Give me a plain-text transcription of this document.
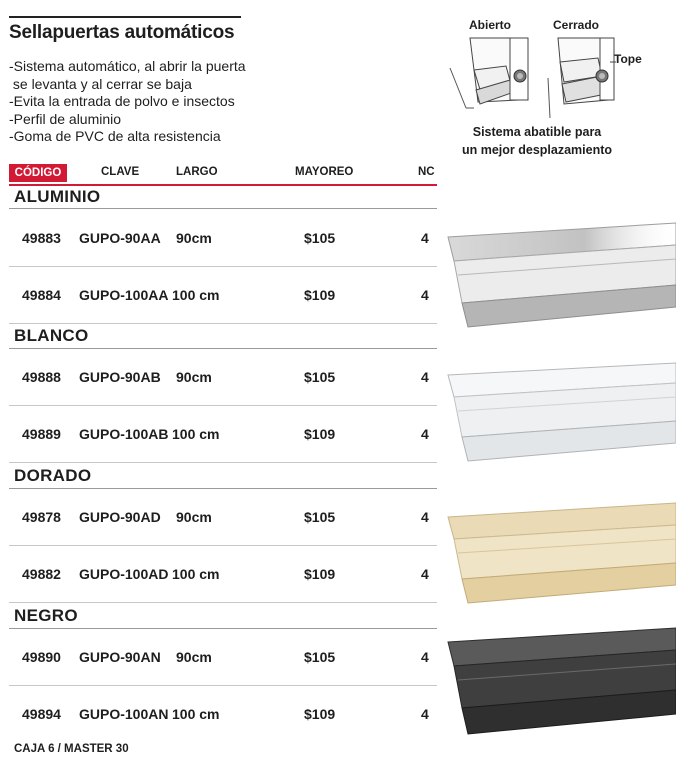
Sellapuertas automáticos
-Sistema automático, al abrir la puerta
se levanta y al cerrar se baja
-Evita la entrada de polvo e insectos
-Perfil de aluminio
-Goma de PVC de alta resistencia
Abierto	Cerrado
Tope
Sistema abatible para
un mejor desplazamiento
CÓDIGO	CLAVE	LARGO	MAYOREO	NC
ALUMINIO
49883 GUPO-90AA 90cm	$105	4
49884 GUPO-100AA 100 cm	$109	4
BLANCO
49888 GUPO-90AB 90cm	$105	4
49889 GUPO-100AB 100 cm	$109	4
DORADO
49878 GUPO-90AD 90cm	$105	4
49882 GUPO-100AD 100 cm	$109	4
NEGRO
49890 GUPO-90AN 90cm	$105	4
49894 GUPO-100AN 100 cm	$109	4
CAJA 6 / MASTER 30
